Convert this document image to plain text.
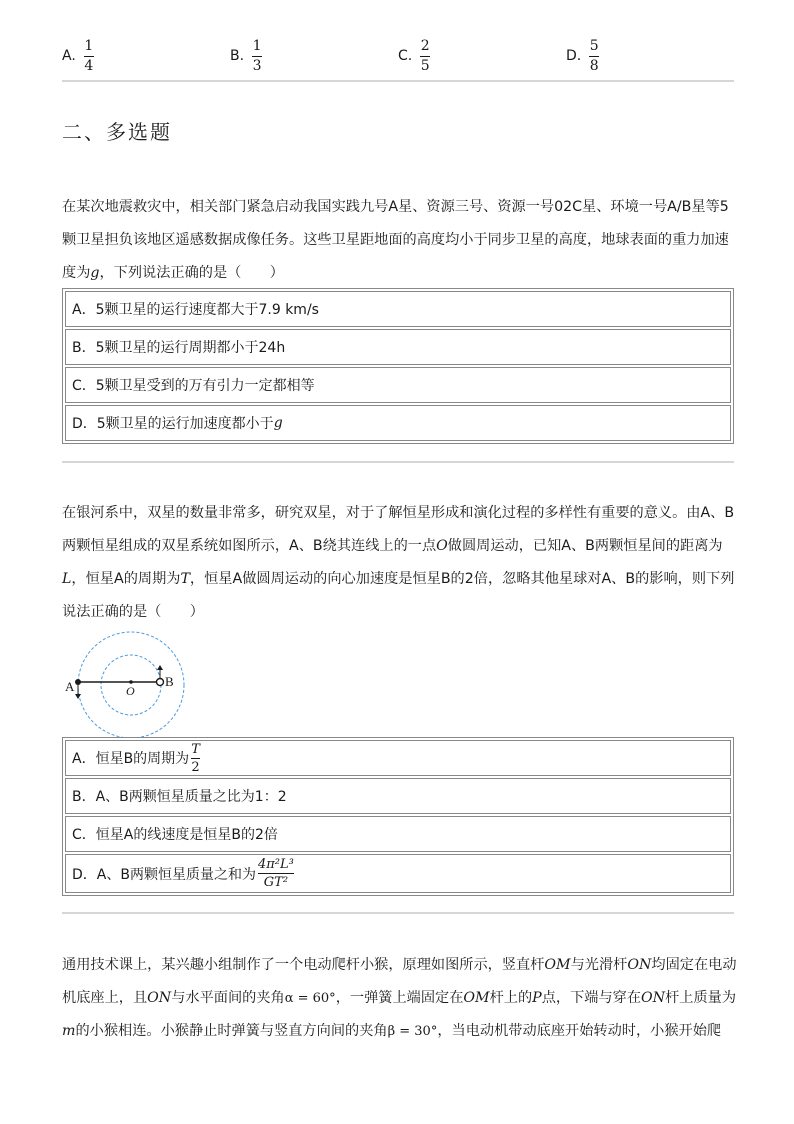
A. $\frac{1}{4}$	B. $\frac{1}{3}$	C. $\frac{2}{5}$	D. $\frac{5}{8}$
二、多选题
在某次地震救灾中，相关部门紧急启动我国实践九号A星、资源三号、资源一号02C星、环境一号A/B星等5
颗卫星担负该地区遥感数据成像任务。这些卫星距地面的高度均小于同步卫星的高度，地球表面的重力加速
度为g，下列说法正确的是（　　）
A．5颗卫星的运行速度都大于7.9 km/s
B．5颗卫星的运行周期都小于24h
C．5颗卫星受到的万有引力一定都相等
D．5颗卫星的运行加速度都小于 g
在银河系中，双星的数量非常多，研究双星，对于了解恒星形成和演化过程的多样性有重要的意义。由A、B
两颗恒星组成的双星系统如图所示，A、B绕其连线上的一点O做圆周运动，已知A、B两颗恒星间的距离为
L，恒星A的周期为T，恒星A做圆周运动的向心加速度是恒星B的2倍，忽略其他星球对A、B的影响，则下列
说法正确的是（　　）
A	O
B
A．恒星B的周期为
T
2
B．A、B两颗恒星质量之比为1：2
C．恒星A的线速度是恒星B的2倍
D．A、B两颗恒星质量之和为
4π²L³
GT²
通用技术课上，某兴趣小组制作了一个电动爬杆小猴，原理如图所示，竖直杆OM与光滑杆ON均固定在电动
机底座上，且ON与水平面间的夹角α = 60°，一弹簧上端固定在OM杆上的P点，下端与穿在ON杆上质量为
m的小猴相连。小猴静止时弹簧与竖直方向间的夹角β = 30°，当电动机带动底座开始转动时，小猴开始爬
